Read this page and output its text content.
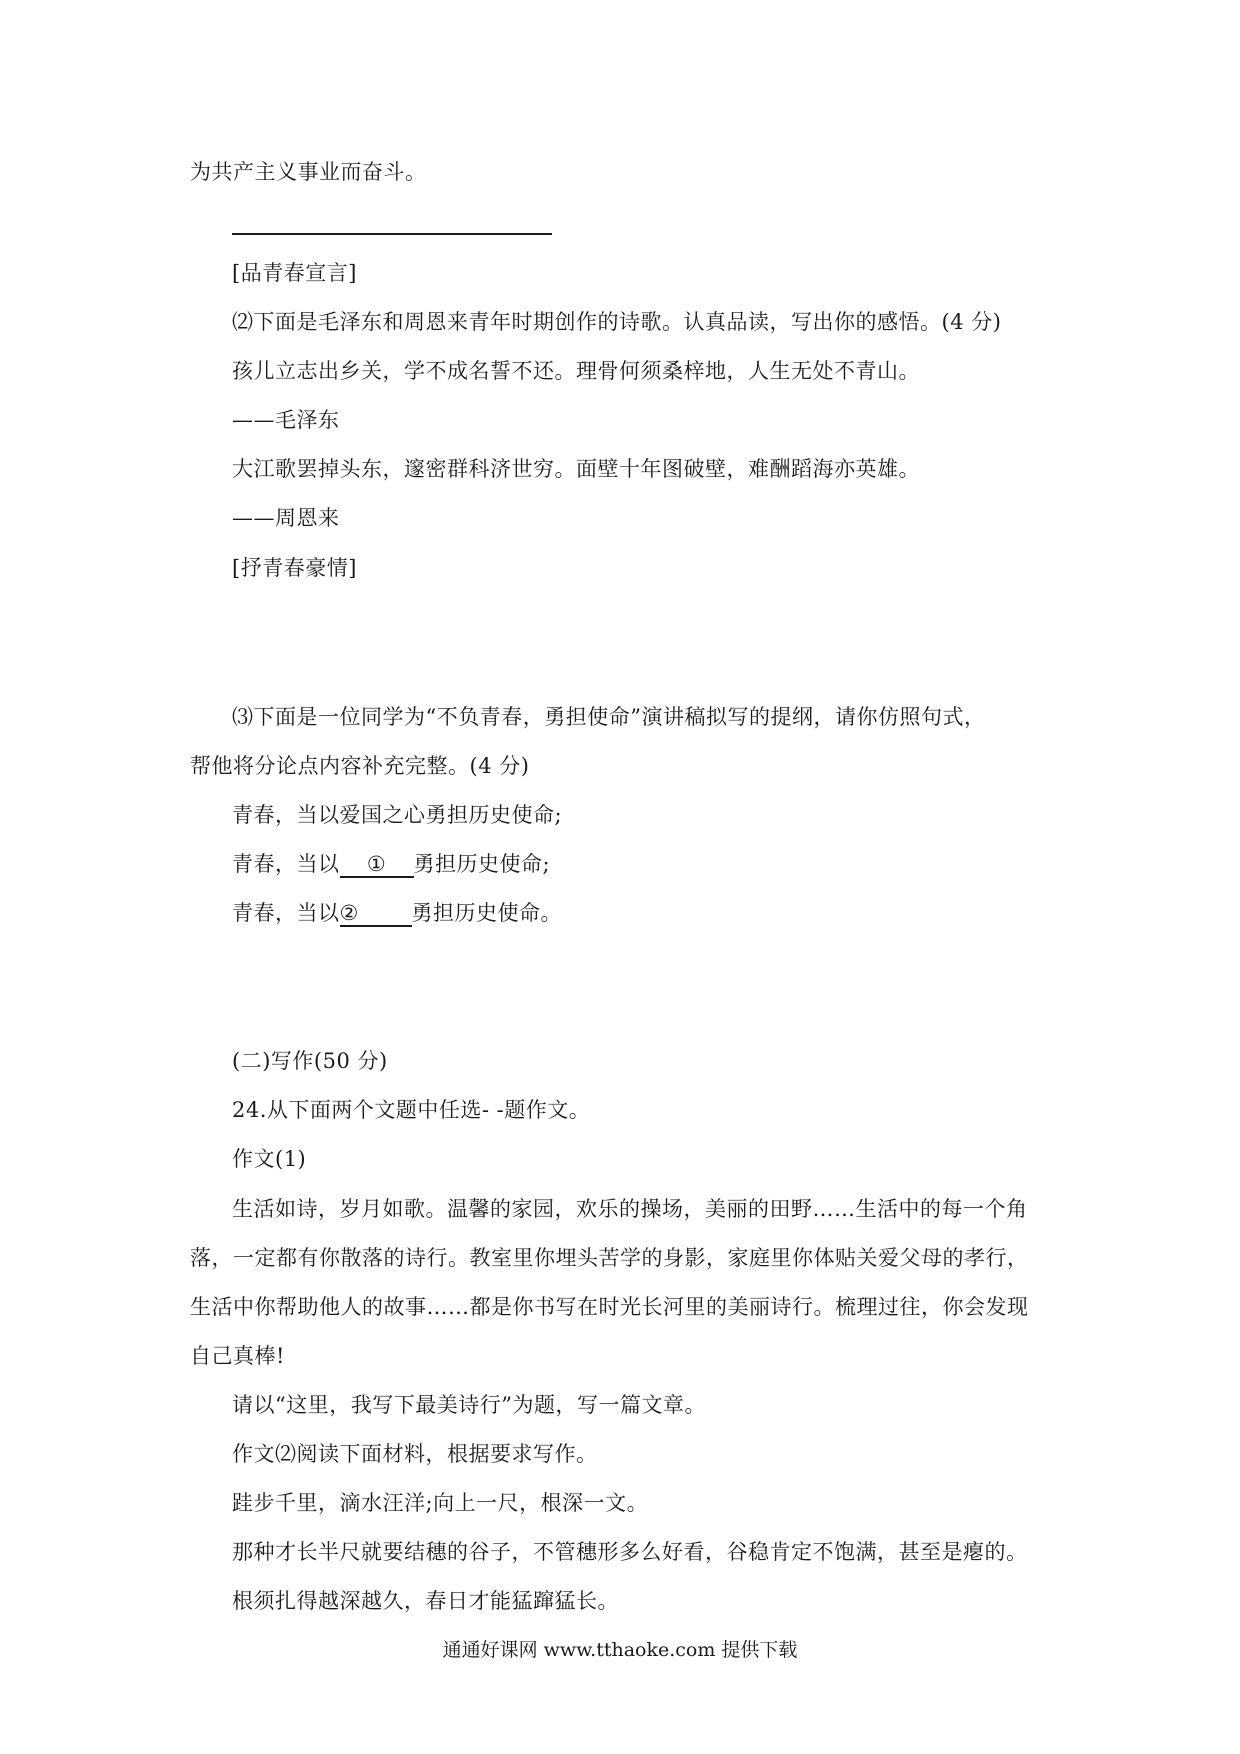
为共产主义事业而奋斗。
[品青春宣言]
⑵下面是毛泽东和周恩来青年时期创作的诗歌。认真品读，写出你的感悟。(4 分)
孩儿立志出乡关，学不成名誓不还。理骨何须桑梓地，人生无处不青山。
——毛泽东
大江歌罢掉头东，邃密群科济世穷。面壁十年图破壁，难酬蹈海亦英雄。
——周恩来
[抒青春豪情]
⑶下面是一位同学为“不负青春，勇担使命”演讲稿拟写的提纲，请你仿照句式，
帮他将分论点内容补充完整。(4 分)
青春，当以爱国之心勇担历史使命;
青春，当以①勇担历史使命;
青春，当以②	勇担历史使命。
(二)写作(50 分)
24.从下面两个文题中任选- -题作文。
作文(1)
生活如诗，岁月如歌。温馨的家园，欢乐的操场，美丽的田野……生活中的每一个角
落，一定都有你散落的诗行。教室里你埋头苦学的身影，家庭里你体贴关爱父母的孝行，
生活中你帮助他人的故事……都是你书写在时光长河里的美丽诗行。梳理过往，你会发现
自己真棒!
请以“这里，我写下最美诗行”为题，写一篇文章。
作文⑵阅读下面材料，根据要求写作。
跬步千里，滴水汪洋;向上一尺，根深一文。
那种才长半尺就要结穗的谷子，不管穗形多么好看，谷稳肯定不饱满，甚至是瘪的。
根须扎得越深越久，春日才能猛蹿猛长。
通通好课网 www.tthaoke.com 提供下载
